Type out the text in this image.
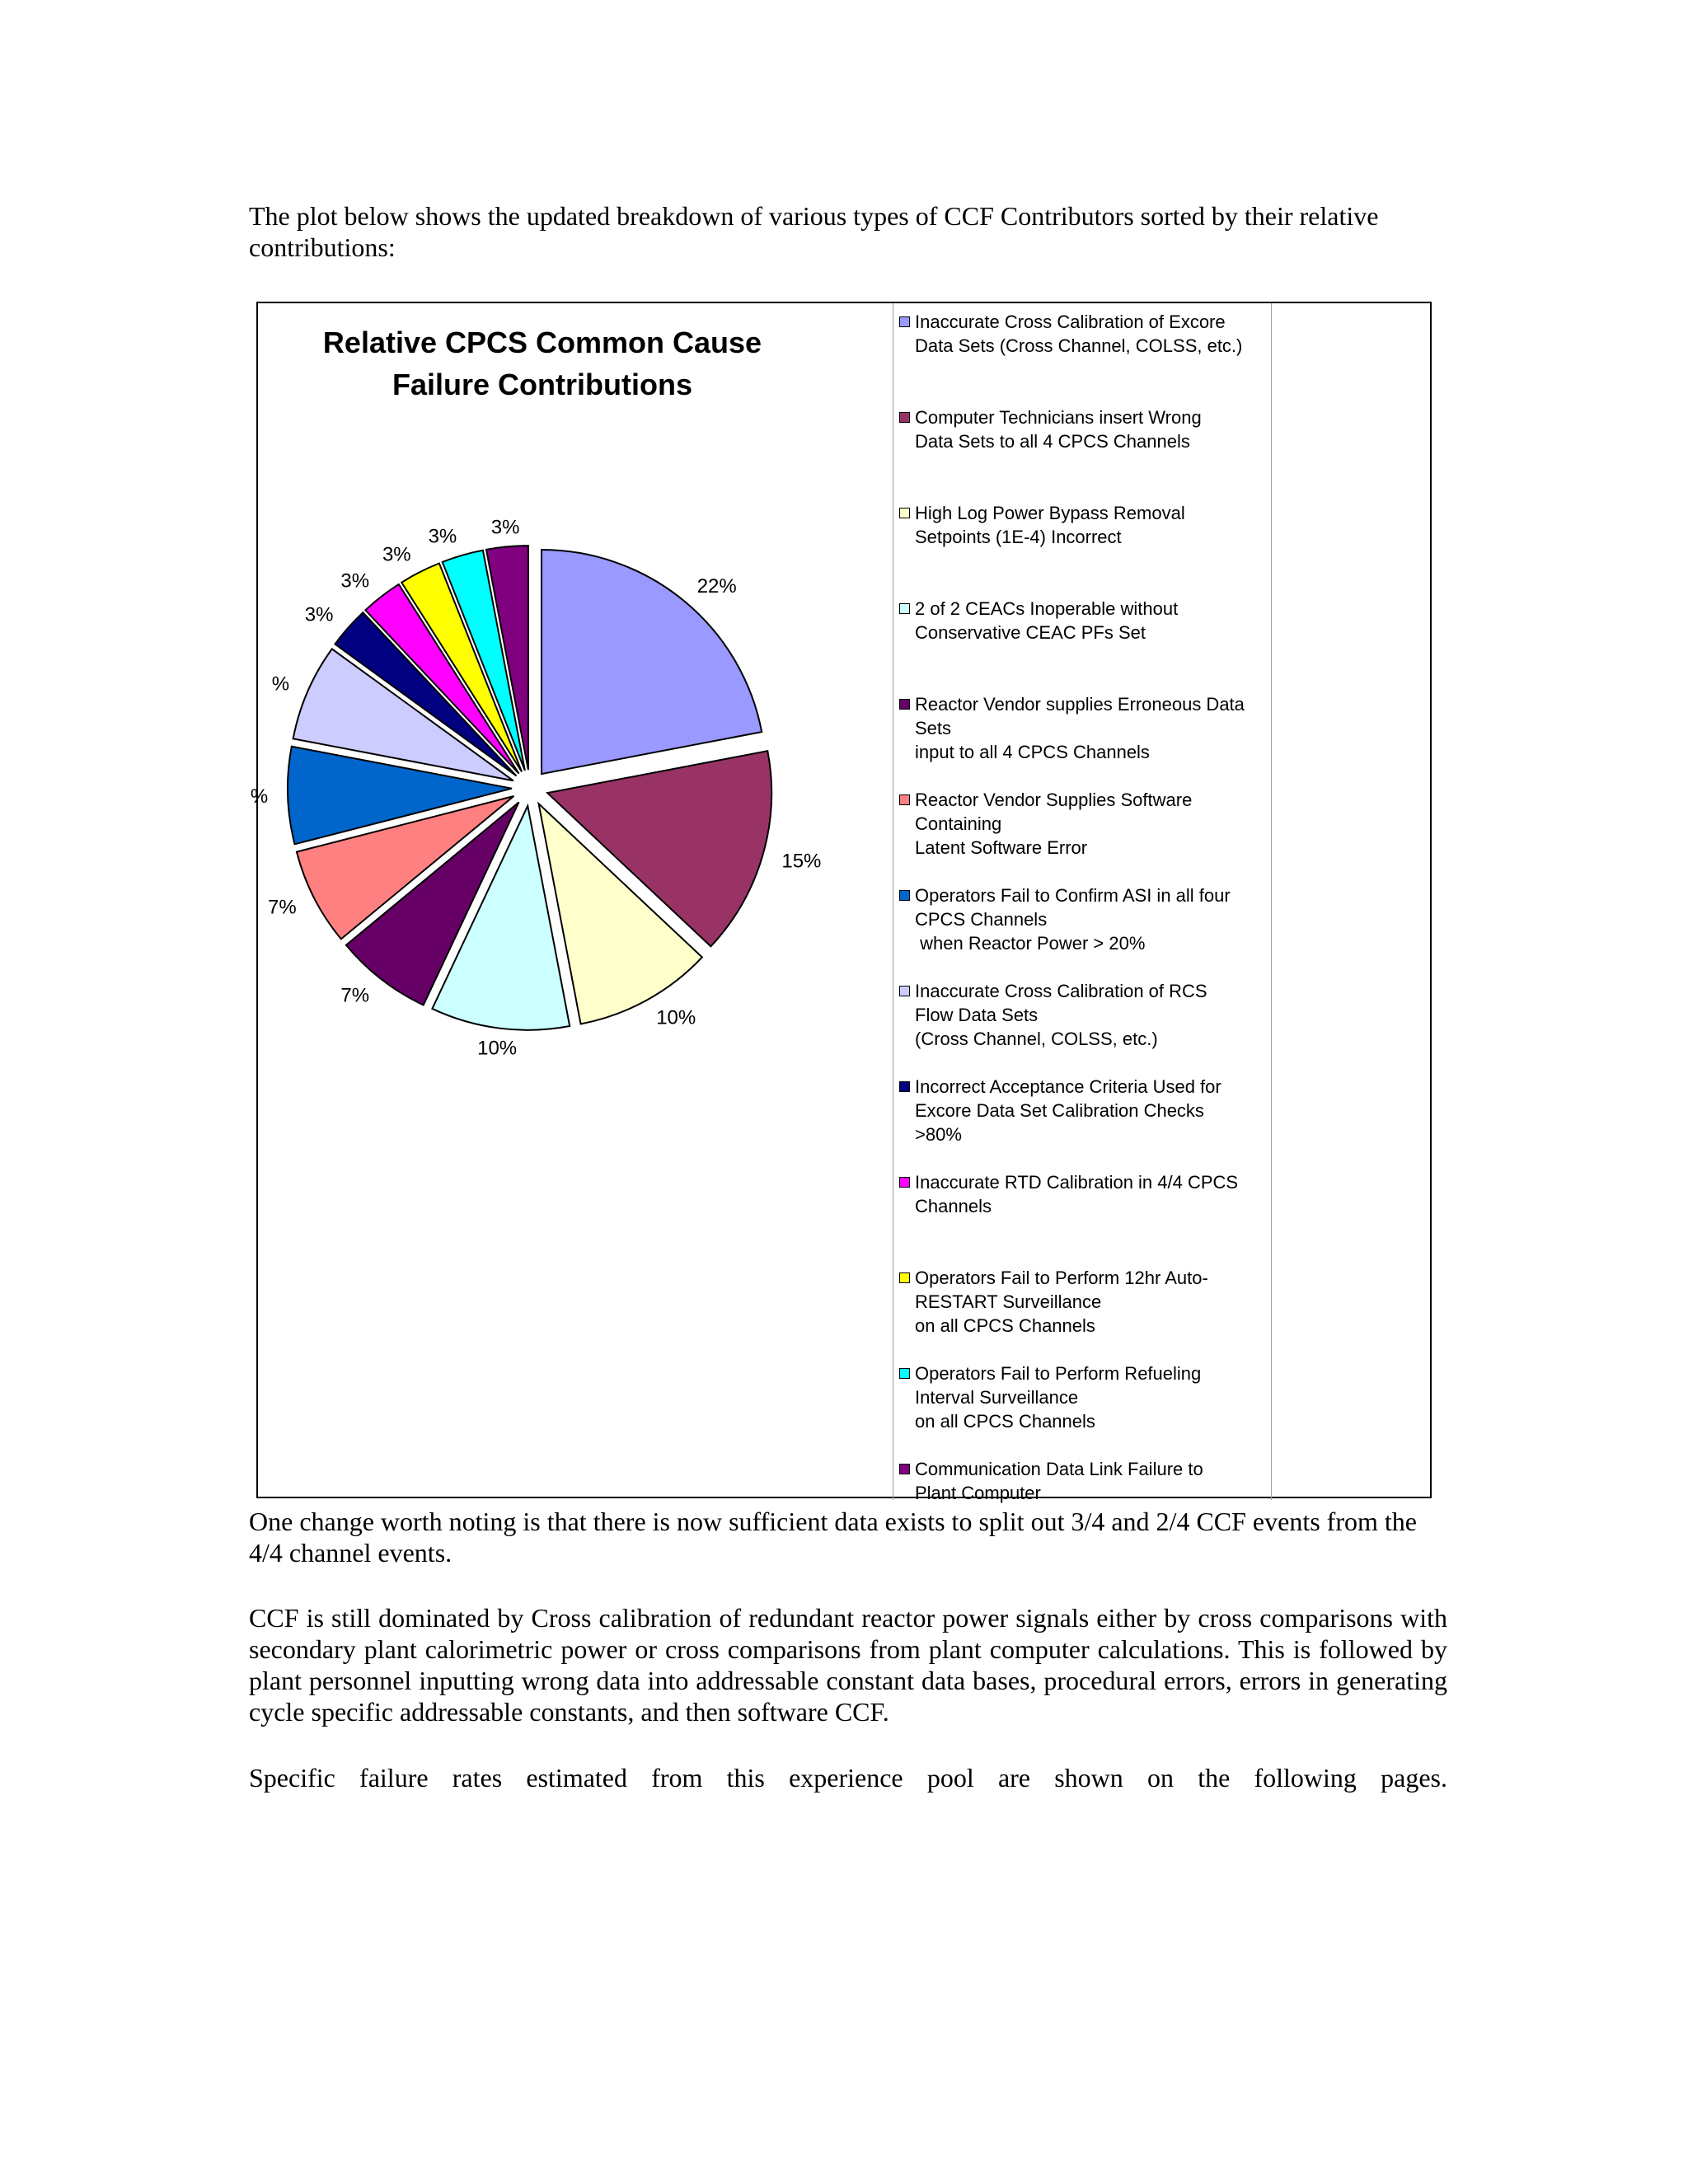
The plot below shows the updated breakdown of various types of CCF Contributors sorted by their relative contributions:

Relative CPCS Common Cause Failure Contributions
22%
15%
10%
10%
7%
7%
%
%
3%
3%
3%
3% 3%
Inaccurate Cross Calibration of Excore
Data Sets (Cross Channel, COLSS, etc.)
Computer Technicians insert Wrong
Data Sets to all 4 CPCS Channels
High Log Power Bypass Removal
Setpoints (1E-4) Incorrect
2 of 2 CEACs Inoperable without
Conservative CEAC PFs Set
Reactor Vendor supplies Erroneous Data
Sets
input to all 4 CPCS Channels
Reactor Vendor Supplies Software
Containing
Latent Software Error
Operators Fail to Confirm ASI in all four
CPCS Channels
when Reactor Power > 20%
Inaccurate Cross Calibration of RCS
Flow Data Sets
(Cross Channel, COLSS, etc.)
Incorrect Acceptance Criteria Used for
Excore Data Set Calibration Checks
>80%
Inaccurate RTD Calibration in 4/4 CPCS
Channels
Operators Fail to Perform 12hr Auto-
RESTART Surveillance
on all CPCS Channels
Operators Fail to Perform Refueling
Interval Surveillance
on all CPCS Channels
Communication Data Link Failure to
Plant Computer

One change worth noting is that there is now sufficient data exists to split out 3/4 and 2/4 CCF events from the 4/4 channel events.

CCF is still dominated by Cross calibration of redundant reactor power signals either by cross comparisons with secondary plant calorimetric power or cross comparisons from plant computer calculations. This is followed by plant personnel inputting wrong data into addressable constant data bases, procedural errors, errors in generating cycle specific addressable constants, and then software CCF.

Specific failure rates estimated from this experience pool are shown on the following pages.
